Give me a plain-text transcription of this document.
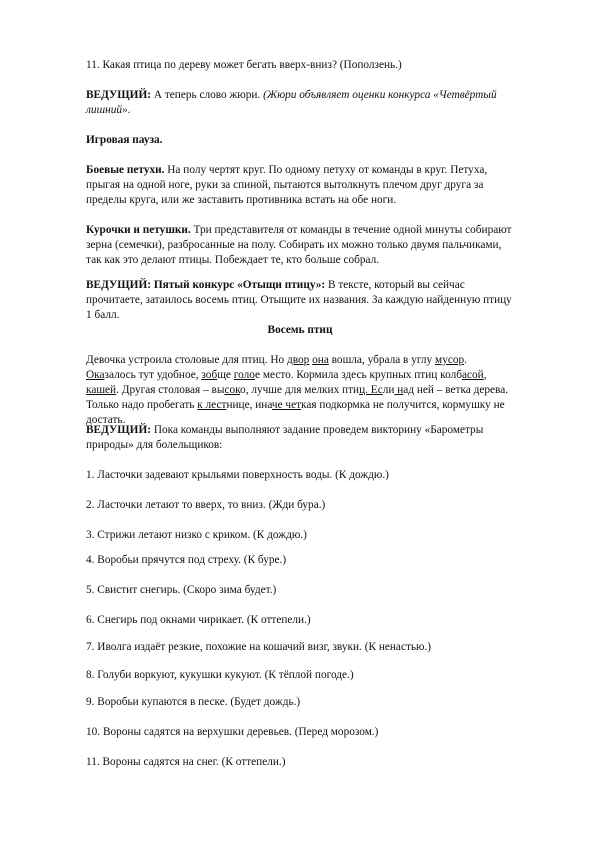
11. Какая птица по дереву может бегать вверх-вниз? (Поползень.)

ВЕДУЩИЙ: А теперь слово жюри. (Жюри объявляет оценки конкурса «Четвёртый лишний».

Игровая пауза.

Боевые петухи. На полу чертят круг. По одному петуху от команды в круг. Петуха, прыгая на одной ноге, руки за спиной, пытаются вытолкнуть плечом друг друга за пределы круга, или же заставить противника встать на обе ноги.

Курочки и петушки. Три представителя от команды в течение одной минуты собирают зерна (семечки), разбросанные на полу. Собирать их можно только двумя пальчиками, так как это делают птицы. Побеждает те, кто больше собрал.

ВЕДУЩИЙ: Пятый конкурс «Отыщи птицу»: В тексте, который вы сейчас прочитаете, затаилось восемь птиц. Отыщите их названия. За каждую найденную птицу 1 балл.

Восемь птиц

Девочка устроила столовые для птиц. Но двор она вошла, убрала в углу мусор. Оказалось тут удобное, зобще голое место. Кормила здесь крупных птиц колбасой, кашей. Другая столовая – высоко, лучше для мелких птиц. Если над ней – ветка дерева. Только надо пробегать к лестнице, иначе четкая подкормка не получится, кормушку не достать.

ВЕДУЩИЙ: Пока команды выполняют задание проведем викторину «Барометры природы» для болельщиков:

1. Ласточки задевают крыльями поверхность воды. (К дождю.)

2. Ласточки летают то вверх, то вниз. (Жди бура.)

3. Стрижи летают низко с криком. (К дождю.)

4. Воробьи прячутся под стреху. (К буре.)

5. Свистит снегирь. (Скоро зима будет.)

6. Снегирь под окнами чирикает. (К оттепели.)

7. Иволга издаёт резкие, похожие на кошачий визг, звуки. (К ненастью.)

8. Голуби воркуют, кукушки кукуют. (К тёплой погоде.)

9. Воробьи купаются в песке. (Будет дождь.)

10. Вороны садятся на верхушки деревьев. (Перед морозом.)

11. Вороны садятся на снег. (К оттепели.)
